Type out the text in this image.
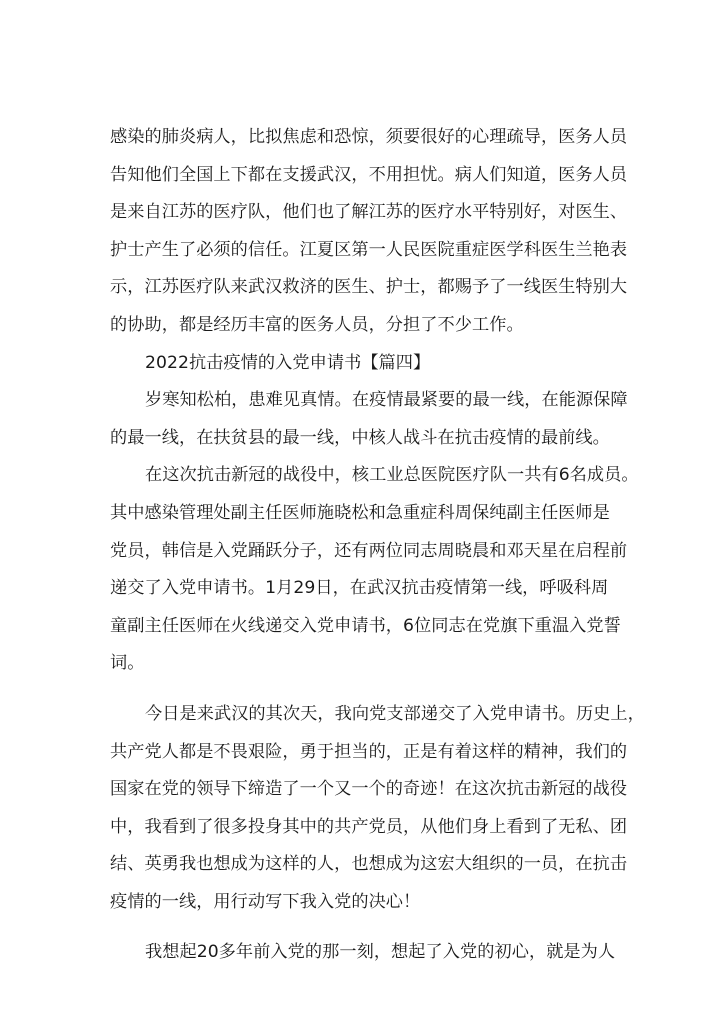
感染的肺炎病人，比拟焦虑和恐惊，须要很好的心理疏导，医务人员
告知他们全国上下都在支援武汉，不用担忧。病人们知道，医务人员
是来自江苏的医疗队，他们也了解江苏的医疗水平特别好，对医生、
护士产生了必须的信任。江夏区第一人民医院重症医学科医生兰艳表
示，江苏医疗队来武汉救济的医生、护士，都赐予了一线医生特别大
的协助，都是经历丰富的医务人员，分担了不少工作。
2022抗击疫情的入党申请书【篇四】
岁寒知松柏，患难见真情。在疫情最紧要的最一线，在能源保障
的最一线，在扶贫县的最一线，中核人战斗在抗击疫情的最前线。
在这次抗击新冠的战役中，核工业总医院医疗队一共有6名成员。
其中感染管理处副主任医师施晓松和急重症科周保纯副主任医师是
党员，韩信是入党踊跃分子，还有两位同志周晓晨和邓天星在启程前
递交了入党申请书。1月29日，在武汉抗击疫情第一线，呼吸科周
童副主任医师在火线递交入党申请书，6位同志在党旗下重温入党誓
词。
今日是来武汉的其次天，我向党支部递交了入党申请书。历史上，
共产党人都是不畏艰险，勇于担当的，正是有着这样的精神，我们的
国家在党的领导下缔造了一个又一个的奇迹！在这次抗击新冠的战役
中，我看到了很多投身其中的共产党员，从他们身上看到了无私、团
结、英勇我也想成为这样的人，也想成为这宏大组织的一员，在抗击
疫情的一线，用行动写下我入党的决心！
我想起20多年前入党的那一刻，想起了入党的初心，就是为人
